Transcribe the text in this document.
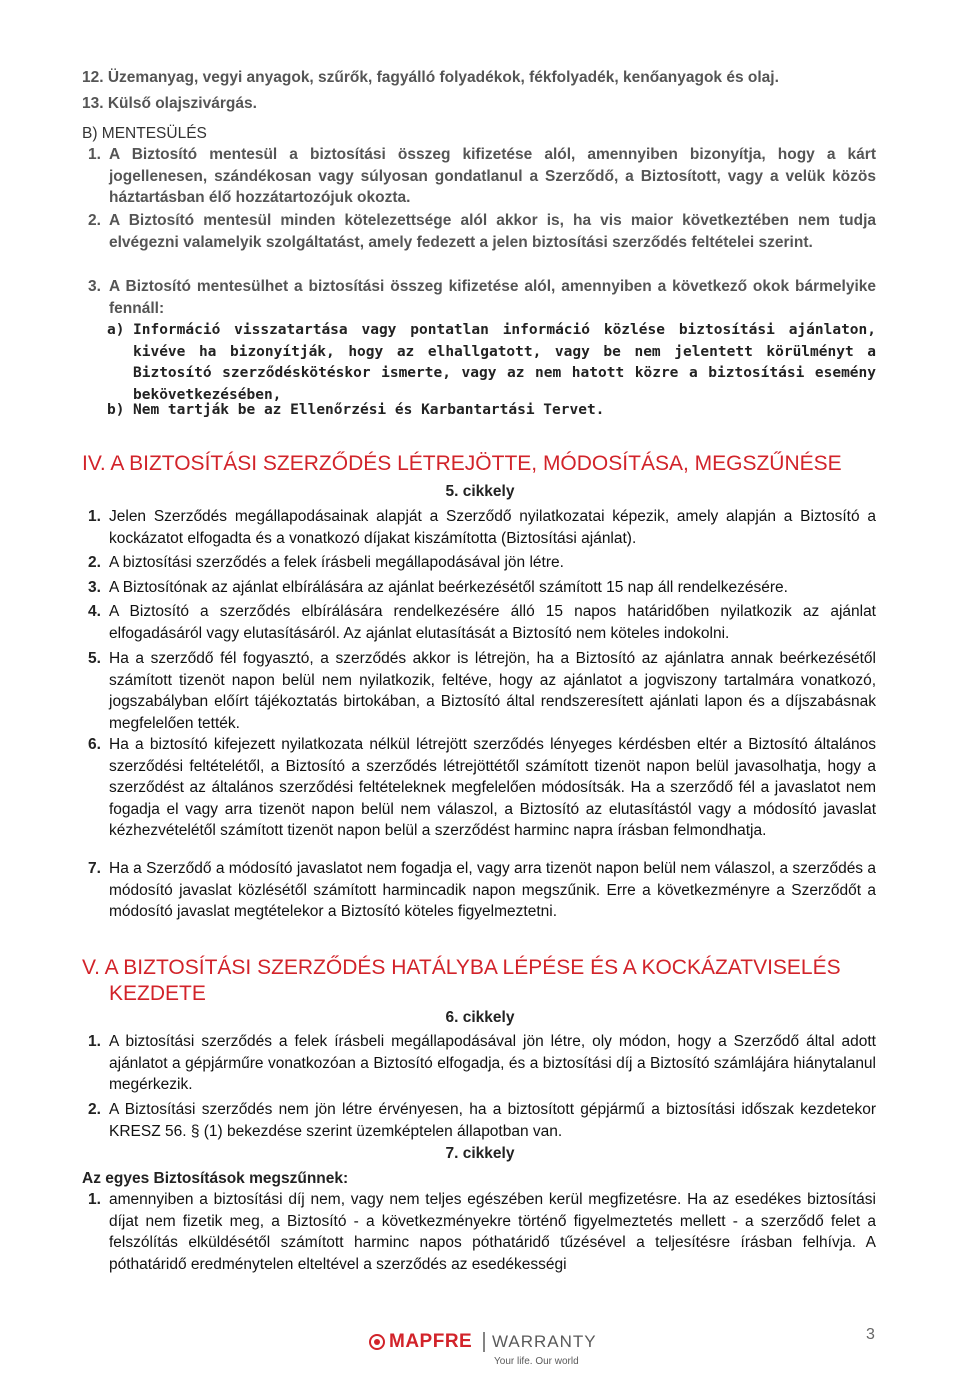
12. Üzemanyag, vegyi anyagok, szűrők, fagyálló folyadékok, fékfolyadék, kenőanyagok és olaj.
13. Külső olajszivárgás.
B) MENTESÜLÉS
1. A Biztosító mentesül a biztosítási összeg kifizetése alól, amennyiben bizonyítja, hogy a kárt jogellenesen, szándékosan vagy súlyosan gondatlanul a Szerződő, a Biztosított, vagy a velük közös háztartásban élő hozzátartozójuk okozta.
2. A Biztosító mentesül minden kötelezettsége alól akkor is, ha vis maior következtében nem tudja elvégezni valamelyik szolgáltatást, amely fedezett a jelen biztosítási szerződés feltételei szerint.
3. A Biztosító mentesülhet a biztosítási összeg kifizetése alól, amennyiben a következő okok bármelyike fennáll:
a) Információ visszatartása vagy pontatlan információ közlése biztosítási ajánlaton, kivéve ha bizonyítják, hogy az elhallgatott, vagy be nem jelentett körülményt a Biztosító szerződéskötéskor ismerte, vagy az nem hatott közre a biztosítási esemény bekövetkezésében,
b) Nem tartják be az Ellenőrzési és Karbantartási Tervet.
IV. A BIZTOSÍTÁSI SZERZŐDÉS LÉTREJÖTTE, MÓDOSÍTÁSA, MEGSZŰNÉSE
5. cikkely
1. Jelen Szerződés megállapodásainak alapját a Szerződő nyilatkozatai képezik, amely alapján a Biztosító a kockázatot elfogadta és a vonatkozó díjakat kiszámította (Biztosítási ajánlat).
2. A biztosítási szerződés a felek írásbeli megállapodásával jön létre.
3. A Biztosítónak az ajánlat elbírálására az ajánlat beérkezésétől számított 15 nap áll rendelkezésére.
4. A Biztosító a szerződés elbírálására rendelkezésére álló 15 napos határidőben nyilatkozik az ajánlat elfogadásáról vagy elutasításáról. Az ajánlat elutasítását a Biztosító nem köteles indokolni.
5. Ha a szerződő fél fogyasztó, a szerződés akkor is létrejön, ha a Biztosító az ajánlatra annak beérkezésétől számított tizenöt napon belül nem nyilatkozik, feltéve, hogy az ajánlatot a jogviszony tartalmára vonatkozó, jogszabályban előírt tájékoztatás birtokában, a Biztosító által rendszeresített ajánlati lapon és a díjszabásnak megfelelően tették.
6. Ha a biztosító kifejezett nyilatkozata nélkül létrejött szerződés lényeges kérdésben eltér a Biztosító általános szerződési feltételétől, a Biztosító a szerződés létrejöttétől számított tizenöt napon belül javasolhatja, hogy a szerződést az általános szerződési feltételeknek megfelelően módosítsák. Ha a szerződő fél a javaslatot nem fogadja el vagy arra tizenöt napon belül nem válaszol, a Biztosító az elutasítástól vagy a módosító javaslat kézhezvételétől számított tizenöt napon belül a szerződést harminc napra írásban felmondhatja.
7. Ha a Szerződő a módosító javaslatot nem fogadja el, vagy arra tizenöt napon belül nem válaszol, a szerződés a módosító javaslat közlésétől számított harmincadik napon megszűnik. Erre a következményre a Szerződőt a módosító javaslat megtételekor a Biztosító köteles figyelmeztetni.
V. A BIZTOSÍTÁSI SZERZŐDÉS HATÁLYBA LÉPÉSE ÉS A KOCKÁZATVISELÉS
KEZDETE
6. cikkely
1. A biztosítási szerződés a felek írásbeli megállapodásával jön létre, oly módon, hogy a Szerződő által adott ajánlatot a gépjárműre vonatkozóan a Biztosító elfogadja, és a biztosítási díj a Biztosító számlájára hiánytalanul megérkezik.
2. A Biztosítási szerződés nem jön létre érvényesen, ha a biztosított gépjármű a biztosítási időszak kezdetekor KRESZ 56. § (1) bekezdése szerint üzemképtelen állapotban van.
7. cikkely
Az egyes Biztosítások megszűnnek:
1. amennyiben a biztosítási díj nem, vagy nem teljes egészében kerül megfizetésre. Ha az esedékes biztosítási díjat nem fizetik meg, a Biztosító - a következményekre történő figyelmeztetés mellett - a szerződő felet a felszólítás elküldésétől számított harminc napos póthatáridő tűzésével a teljesítésre írásban felhívja. A póthatáridő eredménytelen elteltével a szerződés az esedékességi
MAPFRE WARRANTY
Your life. Our world
3
